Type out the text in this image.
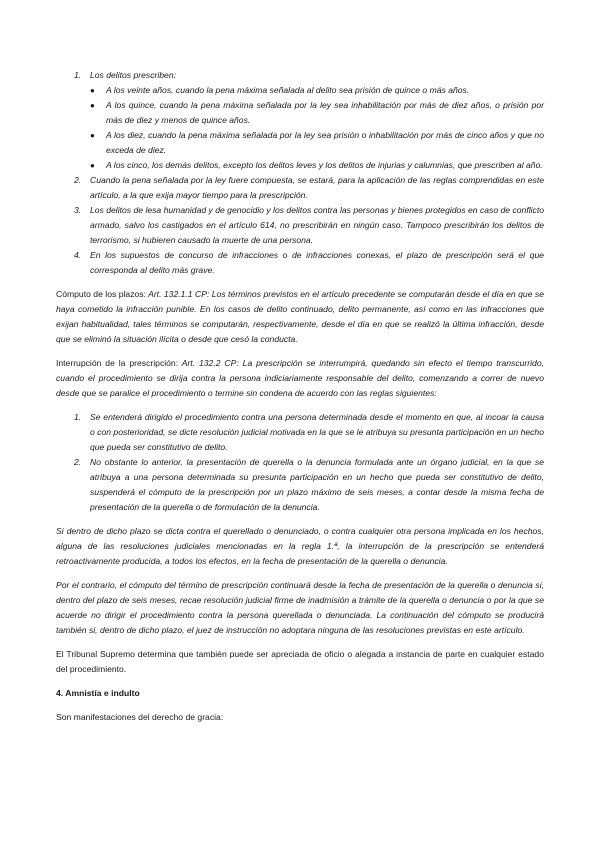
1. Los delitos prescriben:
● A los veinte años, cuando la pena máxima señalada al delito sea prisión de quince o más años.
● A los quince, cuando la pena máxima señalada por la ley sea inhabilitación por más de diez años, o prisión por más de diez y menos de quince años.
● A los diez, cuando la pena máxima señalada por la ley sea prisión o inhabilitación por más de cinco años y que no exceda de diez.
● A los cinco, los demás delitos, excepto los delitos leves y los delitos de injurias y calumnias, que prescriben al año.
2. Cuando la pena señalada por la ley fuere compuesta, se estará, para la aplicación de las reglas comprendidas en este artículo, a la que exija mayor tiempo para la prescripción.
3. Los delitos de lesa humanidad y de genocidio y los delitos contra las personas y bienes protegidos en caso de conflicto armado, salvo los castigados en el artículo 614, no prescribirán en ningún caso. Tampoco prescribirán los delitos de terrorismo, si hubieren causado la muerte de una persona.
4. En los supuestos de concurso de infracciones o de infracciones conexas, el plazo de prescripción será el que corresponda al delito más grave.

Cómputo de los plazos: Art. 132.1.1 CP: Los términos previstos en el artículo precedente se computarán desde el día en que se haya cometido la infracción punible. En los casos de delito continuado, delito permanente, así como en las infracciones que exijan habitualidad, tales términos se computarán, respectivamente, desde el día en que se realizó la última infracción, desde que se eliminó la situación ilícita o desde que cesó la conducta.

Interrupción de la prescripción: Art. 132.2 CP: La prescripción se interrumpirá, quedando sin efecto el tiempo transcurrido, cuando el procedimiento se dirija contra la persona indiciariamente responsable del delito, comenzando a correr de nuevo desde que se paralice el procedimiento o termine sin condena de acuerdo con las reglas siguientes:

1. Se entenderá dirigido el procedimiento contra una persona determinada desde el momento en que, al incoar la causa o con posterioridad, se dicte resolución judicial motivada en la que se le atribuya su presunta participación en un hecho que pueda ser constitutivo de delito.
2. No obstante lo anterior, la presentación de querella o la denuncia formulada ante un órgano judicial, en la que se atribuya a una persona determinada su presunta participación en un hecho que pueda ser constitutivo de delito, suspenderá el cómputo de la prescripción por un plazo máximo de seis meses, a contar desde la misma fecha de presentación de la querella o de formulación de la denuncia.

Si dentro de dicho plazo se dicta contra el querellado o denunciado, o contra cualquier otra persona implicada en los hechos, alguna de las resoluciones judiciales mencionadas en la regla 1.ª, la interrupción de la prescripción se entenderá retroactivamente producida, a todos los efectos, en la fecha de presentación de la querella o denuncia.

Por el contrario, el cómputo del término de prescripción continuará desde la fecha de presentación de la querella o denuncia si, dentro del plazo de seis meses, recae resolución judicial firme de inadmisión a trámite de la querella o denuncia o por la que se acuerde no dirigir el procedimiento contra la persona querellada o denunciada. La continuación del cómputo se producirá también si, dentro de dicho plazo, el juez de instrucción no adoptara ninguna de las resoluciones previstas en este artículo.

El Tribunal Supremo determina que también puede ser apreciada de oficio o alegada a instancia de parte en cualquier estado del procedimiento.

4. Amnistía e indulto

Son manifestaciones del derecho de gracia:
